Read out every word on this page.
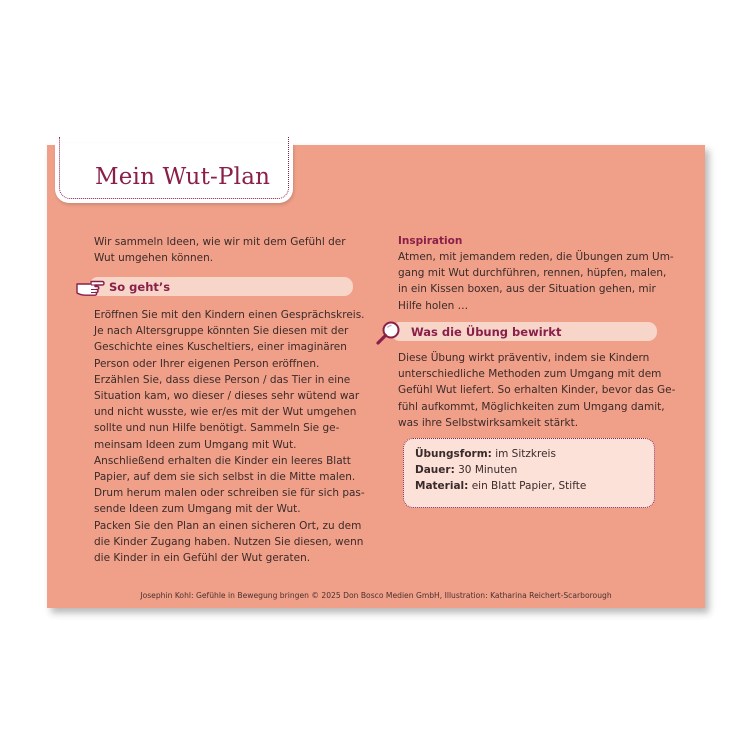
Mein Wut-Plan
Wir sammeln Ideen, wie wir mit dem Gefühl der
Wut umgehen können.
So geht’s
Eröffnen Sie mit den Kindern einen Gesprächskreis.
Je nach Altersgruppe könnten Sie diesen mit der
Geschichte eines Kuscheltiers, einer imaginären
Person oder Ihrer eigenen Person eröffnen.
Erzählen Sie, dass diese Person / das Tier in eine
Situation kam, wo dieser / dieses sehr wütend war
und nicht wusste, wie er/es mit der Wut umgehen
sollte und nun Hilfe benötigt. Sammeln Sie ge-
meinsam Ideen zum Umgang mit Wut.
Anschließend erhalten die Kinder ein leeres Blatt
Papier, auf dem sie sich selbst in die Mitte malen.
Drum herum malen oder schreiben sie für sich pas-
sende Ideen zum Umgang mit der Wut.
Packen Sie den Plan an einen sicheren Ort, zu dem
die Kinder Zugang haben. Nutzen Sie diesen, wenn
die Kinder in ein Gefühl der Wut geraten.
Inspiration
Atmen, mit jemandem reden, die Übungen zum Um-
gang mit Wut durchführen, rennen, hüpfen, malen,
in ein Kissen boxen, aus der Situation gehen, mir
Hilfe holen …
Was die Übung bewirkt
Diese Übung wirkt präventiv, indem sie Kindern
unterschiedliche Methoden zum Umgang mit dem
Gefühl Wut liefert. So erhalten Kinder, bevor das Ge-
fühl aufkommt, Möglichkeiten zum Umgang damit,
was ihre Selbstwirksamkeit stärkt.
Übungsform: im Sitzkreis
Dauer: 30 Minuten
Material: ein Blatt Papier, Stifte
Josephin Kohl: Gefühle in Bewegung bringen © 2025 Don Bosco Medien GmbH, Illustration: Katharina Reichert-Scarborough
